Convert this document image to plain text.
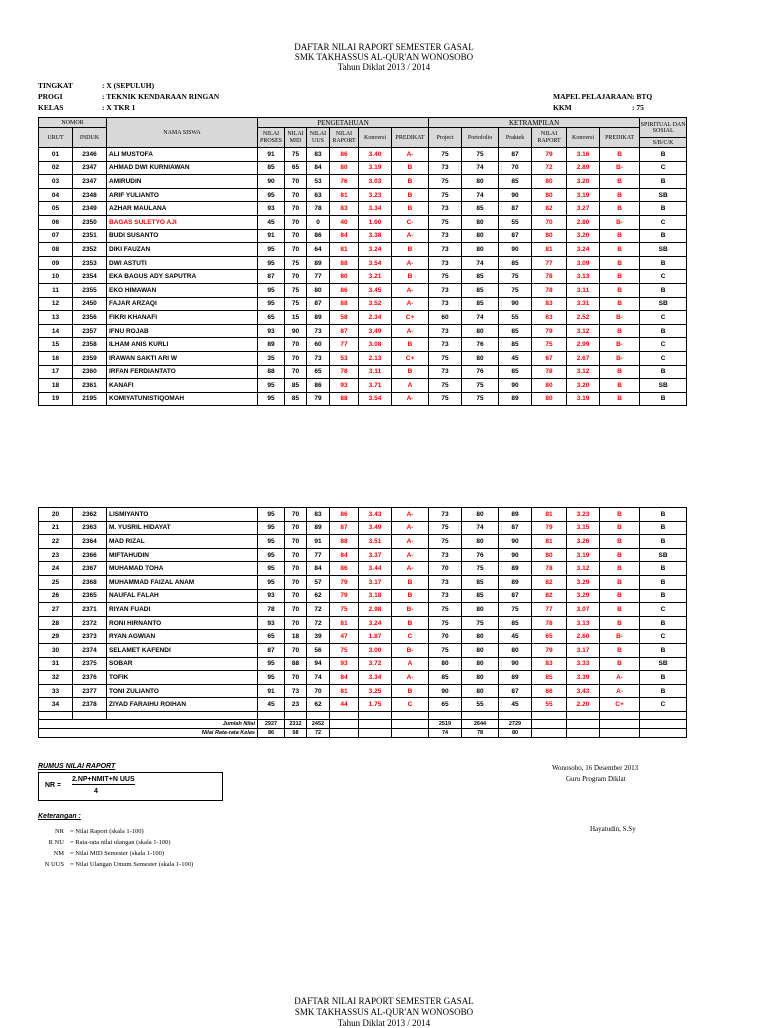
DAFTAR NILAI RAPORT SEMESTER GASAL
SMK TAKHASSUS AL-QUR'AN WONOSOBO
Tahun Diklat 2013 / 2014
TINGKAT	: X (SEPULUH)
PROGI	: TEKNIK KENDARAAN RINGAN
KELAS	: X TKR 1
MAPEL PELAJARAAN : BTQ
KKM	: 75
NOMOR		NAMA SISWA	PENGETAHUAN						KETRAMPILAN						SPIRITUAL DAN SOSIAL
URUT	INDUK		NILAI PROSES	NILAI MID	NILAI UUS	NILAI RAPORT	Konversi	PREDIKAT	Project	Portofolio	Praktek	NILAI RAPORT	Konversi	PREDIKAT	
															S/B/C/K
01	2346	ALI MUSTOFA	91	75	83	86	3.40	A-	75	75	87	79	3.16	B	B
02	2347	AHMAD DWI KURNIAWAN	85	65	84	80	3.19	B	73	74	70	72	2.89	B-	C
03	2347	AMIRUDIN	90	70	53	76	3.03	B	75	80	85	80	3.20	B	B
04	2348	ARIF YULIANTO	95	70	63	81	3.23	B	75	74	90	80	3.19	B	SB
05	2349	AZHAR MAULANA	93	70	78	83	3.34	B	73	85	87	82	3.27	B	B
06	2350	BAGAS SULETYO AJI	45	70	0	40	1.60	C-	75	80	55	70	2.80	B-	C
07	2351	BUDI SUSANTO	91	70	86	84	3.38	A-	73	80	87	80	3.20	B	B
08	2352	DIKI FAUZAN	95	70	64	81	3.24	B	73	80	90	81	3.24	B	SB
09	2353	DWI ASTUTI	95	75	89	88	3.54	A-	73	74	85	77	3.09	B	B
10	2354	EKA BAGUS ADY SAPUTRA	87	70	77	80	3.21	B	75	85	75	78	3.13	B	C
11	2355	EKO HIMAWAN	95	75	80	86	3.45	A-	73	85	75	78	3.11	B	B
12	2450	FAJAR ARZAQI	95	75	87	88	3.52	A-	73	85	90	83	3.31	B	SB
13	2356	FIKRI KHANAFI	65	15	89	58	2.34	C+	60	74	55	63	2.52	B-	C
14	2357	IFNU ROJAB	93	90	73	87	3.49	A-	73	80	85	79	3.12	B	B
15	2358	ILHAM ANIS KURLI	89	70	60	77	3.08	B	73	76	85	75	2.99	B-	C
16	2359	IRAWAN SAKTI ARI W	35	70	73	53	2.13	C+	75	80	45	67	2.67	B-	C
17	2360	IRFAN FERDIANTATO	88	70	65	78	3.11	B	73	76	85	78	3.12	B	B
18	2361	KANAFI	95	85	86	93	3.71	A	75	75	90	80	3.20	B	SB
19	2195	KOMIYATUNISTIQOMAH	95	85	79	88	3.54	A-	75	75	89	80	3.19	B	B
20	2362	LISMIYANTO	95	70	83	86	3.43	A-	73	80	89	81	3.23	B	B
21	2363	M. YUSRIL HIDAYAT	95	70	89	87	3.49	A-	75	74	87	79	3.15	B	B
22	2364	MAD RIZAL	95	70	91	88	3.51	A-	75	80	90	81	3.26	B	B
23	2366	MIFTAHUDIN	95	70	77	84	3.37	A-	73	76	90	80	3.19	B	SB
24	2367	MUHAMAD TOHA	95	70	84	86	3.44	A-	70	75	89	78	3.12	B	B
25	2368	MUHAMMAD FAIZAL ANAM	95	70	57	79	3.17	B	73	85	89	82	3.29	B	B
26	2365	NAUFAL FALAH	93	70	62	79	3.18	B	73	85	87	82	3.29	B	B
27	2371	RIYAN FUADI	78	70	72	75	2.98	B-	75	80	75	77	3.07	B	C
28	2372	RONI HIRNANTO	93	70	72	81	3.24	B	75	75	85	78	3.13	B	B
29	2373	RYAN AGWIAN	65	18	39	47	1.87	C	70	80	45	65	2.60	B-	C
30	2374	SELAMET KAFENDI	87	70	56	75	3.00	B-	75	80	80	79	3.17	B	B
31	2375	SOBAR	95	88	94	93	3.72	A	80	80	90	83	3.33	B	SB
32	2376	TOFIK	95	70	74	84	3.34	A-	85	80	89	85	3.39	A-	B
33	2377	TONI ZULIANTO	91	73	70	81	3.25	B	90	80	87	86	3.43	A-	B
34	2378	ZIYAD FARAIHU ROIHAN	45	23	62	44	1.75	C	65	55	45	55	2.20	C+	C

Jumlah Nilai			2927	2312	2452				2519	2644	2729				
Nilai Rata-rata Kelas			86	68	72				74	78	80				
RUMUS NILAI RAPORT
NR =
2.NP+NMIT+N UUS
4
Wonosobo, 16 Desember 2013
Guru Program Diklat
Hayatudin, S.Sy
Keterangan :
NR = Nilai Raport (skala 1-100)
R NU = Rata-rata nilai ulangan (skala 1-100)
NM = Nilai MID Semester (skala 1-100)
N UUS = Nilai Ulangan Umum Semester (skala 1-100)
DAFTAR NILAI RAPORT SEMESTER GASAL
SMK TAKHASSUS AL-QUR'AN WONOSOBO
Tahun Diklat 2013 / 2014
